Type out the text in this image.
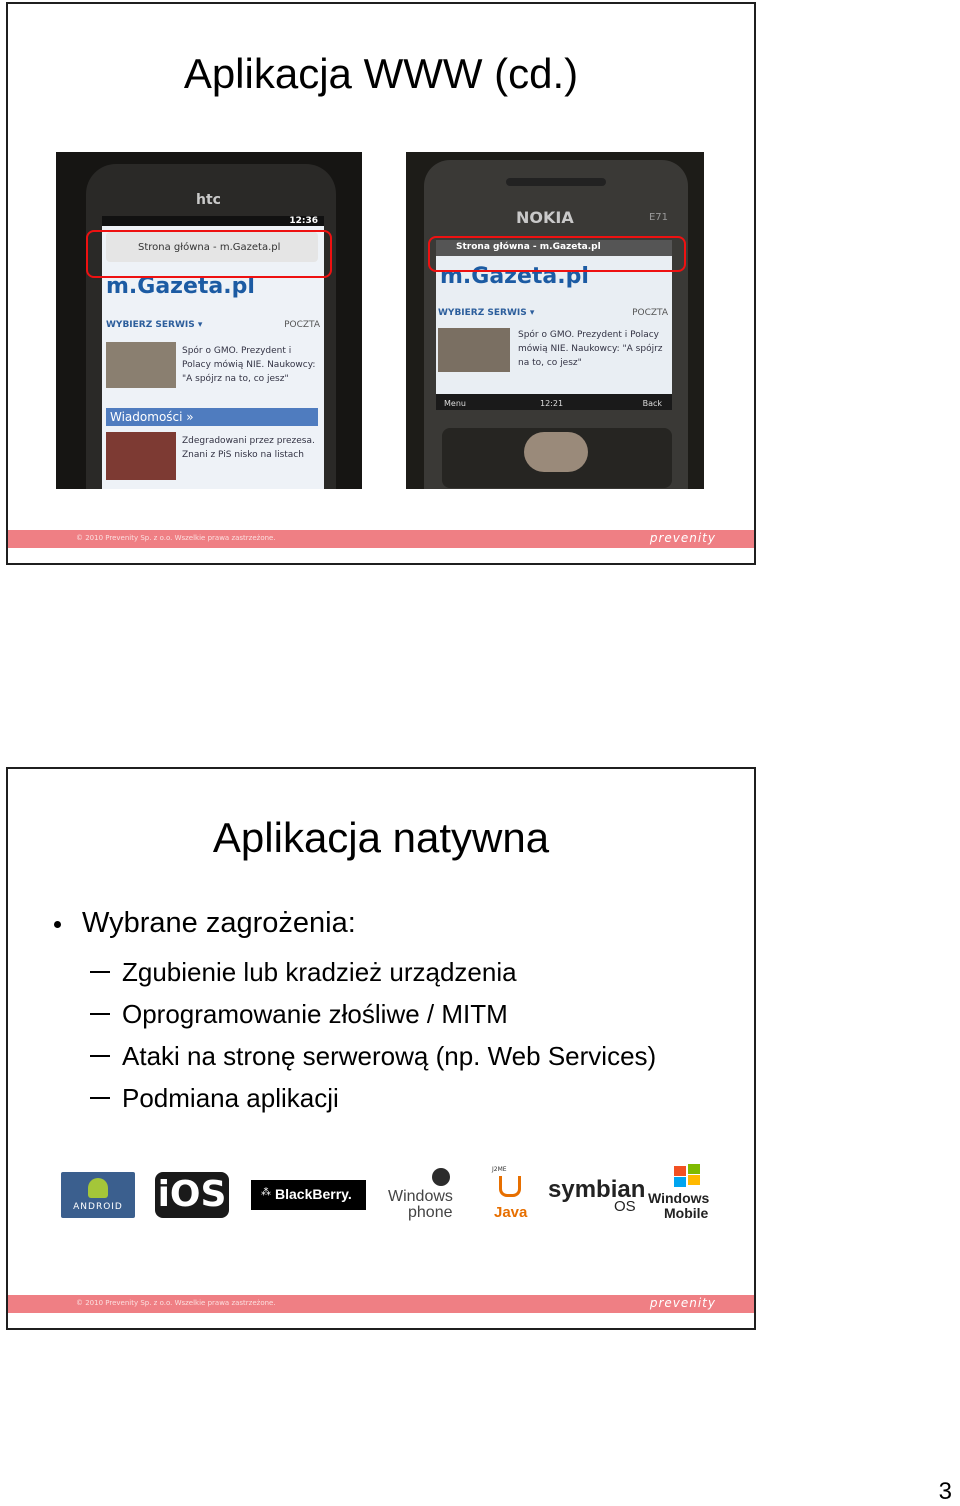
Aplikacja WWW (cd.)
htc
12:36
Strona główna - m.Gazeta.pl
m.Gazeta.pl
WYBIERZ SERWIS ▾	POCZTA
Spór o GMO. Prezydent i Polacy mówią NIE. Naukowcy: "A spójrz na to, co jesz"
Wiadomości »
Zdegradowani przez prezesa. Znani z PiS nisko na listach
NOKIA	E71
Strona główna - m.Gazeta.pl
m.Gazeta.pl
WYBIERZ SERWIS ▾	POCZTA
Spór o GMO. Prezydent i Polacy mówią NIE. Naukowcy: "A spójrz na to, co jesz"
Menu	12:21	Back
© 2010 Prevenity Sp. z o.o. Wszelkie prawa zastrzeżone.	prevenity
Aplikacja natywna
Wybrane zagrożenia:
Zgubienie lub kradzież urządzenia
Oprogramowanie złośliwe / MITM
Ataki na stronę serwerową (np. Web Services)
Podmiana aplikacji
© 2010 Prevenity Sp. z o.o. Wszelkie prawa zastrzeżone.	prevenity
ANDROID iOS	⁂ BlackBerry. Windows
phone
J2ME
Java
symbian
OS Windows
Mobile
3
